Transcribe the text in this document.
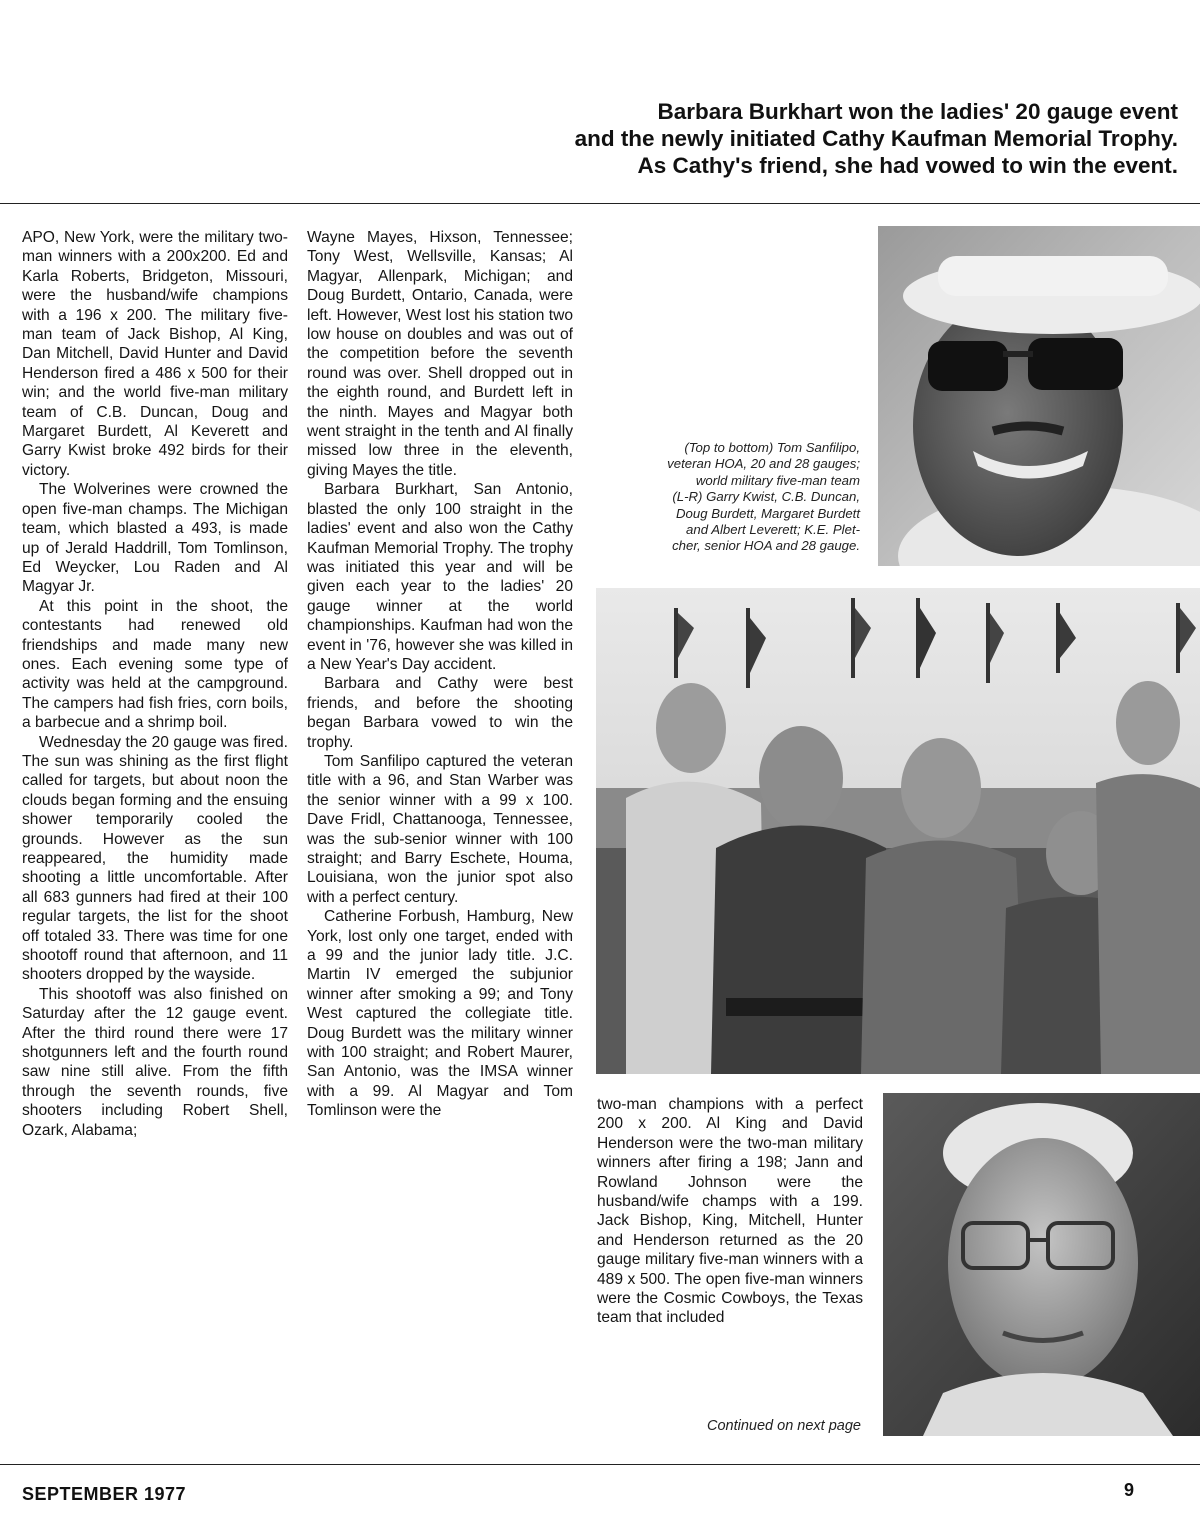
Barbara Burkhart won the ladies' 20 gauge event
and the newly initiated Cathy Kaufman Memorial Trophy.
As Cathy's friend, she had vowed to win the event.

APO, New York, were the military two-man winners with a 200x200. Ed and Karla Roberts, Bridgeton, Missouri, were the husband/wife champions with a 196 x 200. The military five-man team of Jack Bishop, Al King, Dan Mitchell, David Hunter and David Henderson fired a 486 x 500 for their win; and the world five-man military team of C.B. Duncan, Doug and Margaret Burdett, Al Keverett and Garry Kwist broke 492 birds for their victory.

The Wolverines were crowned the open five-man champs. The Michigan team, which blasted a 493, is made up of Jerald Haddrill, Tom Tomlinson, Ed Weycker, Lou Raden and Al Magyar Jr.

At this point in the shoot, the contestants had renewed old friendships and made many new ones. Each evening some type of activity was held at the campground. The campers had fish fries, corn boils, a barbecue and a shrimp boil.

Wednesday the 20 gauge was fired. The sun was shining as the first flight called for targets, but about noon the clouds began forming and the ensuing shower temporarily cooled the grounds. However as the sun reappeared, the humidity made shooting a little uncomfortable. After all 683 gunners had fired at their 100 regular targets, the list for the shoot off totaled 33. There was time for one shootoff round that afternoon, and 11 shooters dropped by the wayside.

This shootoff was also finished on Saturday after the 12 gauge event. After the third round there were 17 shotgunners left and the fourth round saw nine still alive. From the fifth through the seventh rounds, five shooters including Robert Shell, Ozark, Alabama;

Wayne Mayes, Hixson, Tennessee; Tony West, Wellsville, Kansas; Al Magyar, Allenpark, Michigan; and Doug Burdett, Ontario, Canada, were left. However, West lost his station two low house on doubles and was out of the competition before the seventh round was over. Shell dropped out in the eighth round, and Burdett left in the ninth. Mayes and Magyar both went straight in the tenth and Al finally missed low three in the eleventh, giving Mayes the title.

Barbara Burkhart, San Antonio, blasted the only 100 straight in the ladies' event and also won the Cathy Kaufman Memorial Trophy. The trophy was initiated this year and will be given each year to the ladies' 20 gauge winner at the world championships. Kaufman had won the event in '76, however she was killed in a New Year's Day accident.

Barbara and Cathy were best friends, and before the shooting began Barbara vowed to win the trophy.

Tom Sanfilipo captured the veteran title with a 96, and Stan Warber was the senior winner with a 99 x 100. Dave Fridl, Chattanooga, Tennessee, was the sub-senior winner with 100 straight; and Barry Eschete, Houma, Louisiana, won the junior spot also with a perfect century.

Catherine Forbush, Hamburg, New York, lost only one target, ended with a 99 and the junior lady title. J.C. Martin IV emerged the subjunior winner after smoking a 99; and Tony West captured the collegiate title. Doug Burdett was the military winner with 100 straight; and Robert Maurer, San Antonio, was the IMSA winner with a 99. Al Magyar and Tom Tomlinson were the

(Top to bottom) Tom Sanfilipo,
veteran HOA, 20 and 28 gauges;
world military five-man team
(L-R) Garry Kwist, C.B. Duncan,
Doug Burdett, Margaret Burdett
and Albert Leverett; K.E. Plet-
cher, senior HOA and 28 gauge.

two-man champions with a perfect 200 x 200. Al King and David Henderson were the two-man military winners after firing a 198; Jann and Rowland Johnson were the husband/wife champs with a 199. Jack Bishop, King, Mitchell, Hunter and Henderson returned as the 20 gauge military five-man winners with a 489 x 500. The open five-man winners were the Cosmic Cowboys, the Texas team that included

Continued on next page
SEPTEMBER 1977	9
